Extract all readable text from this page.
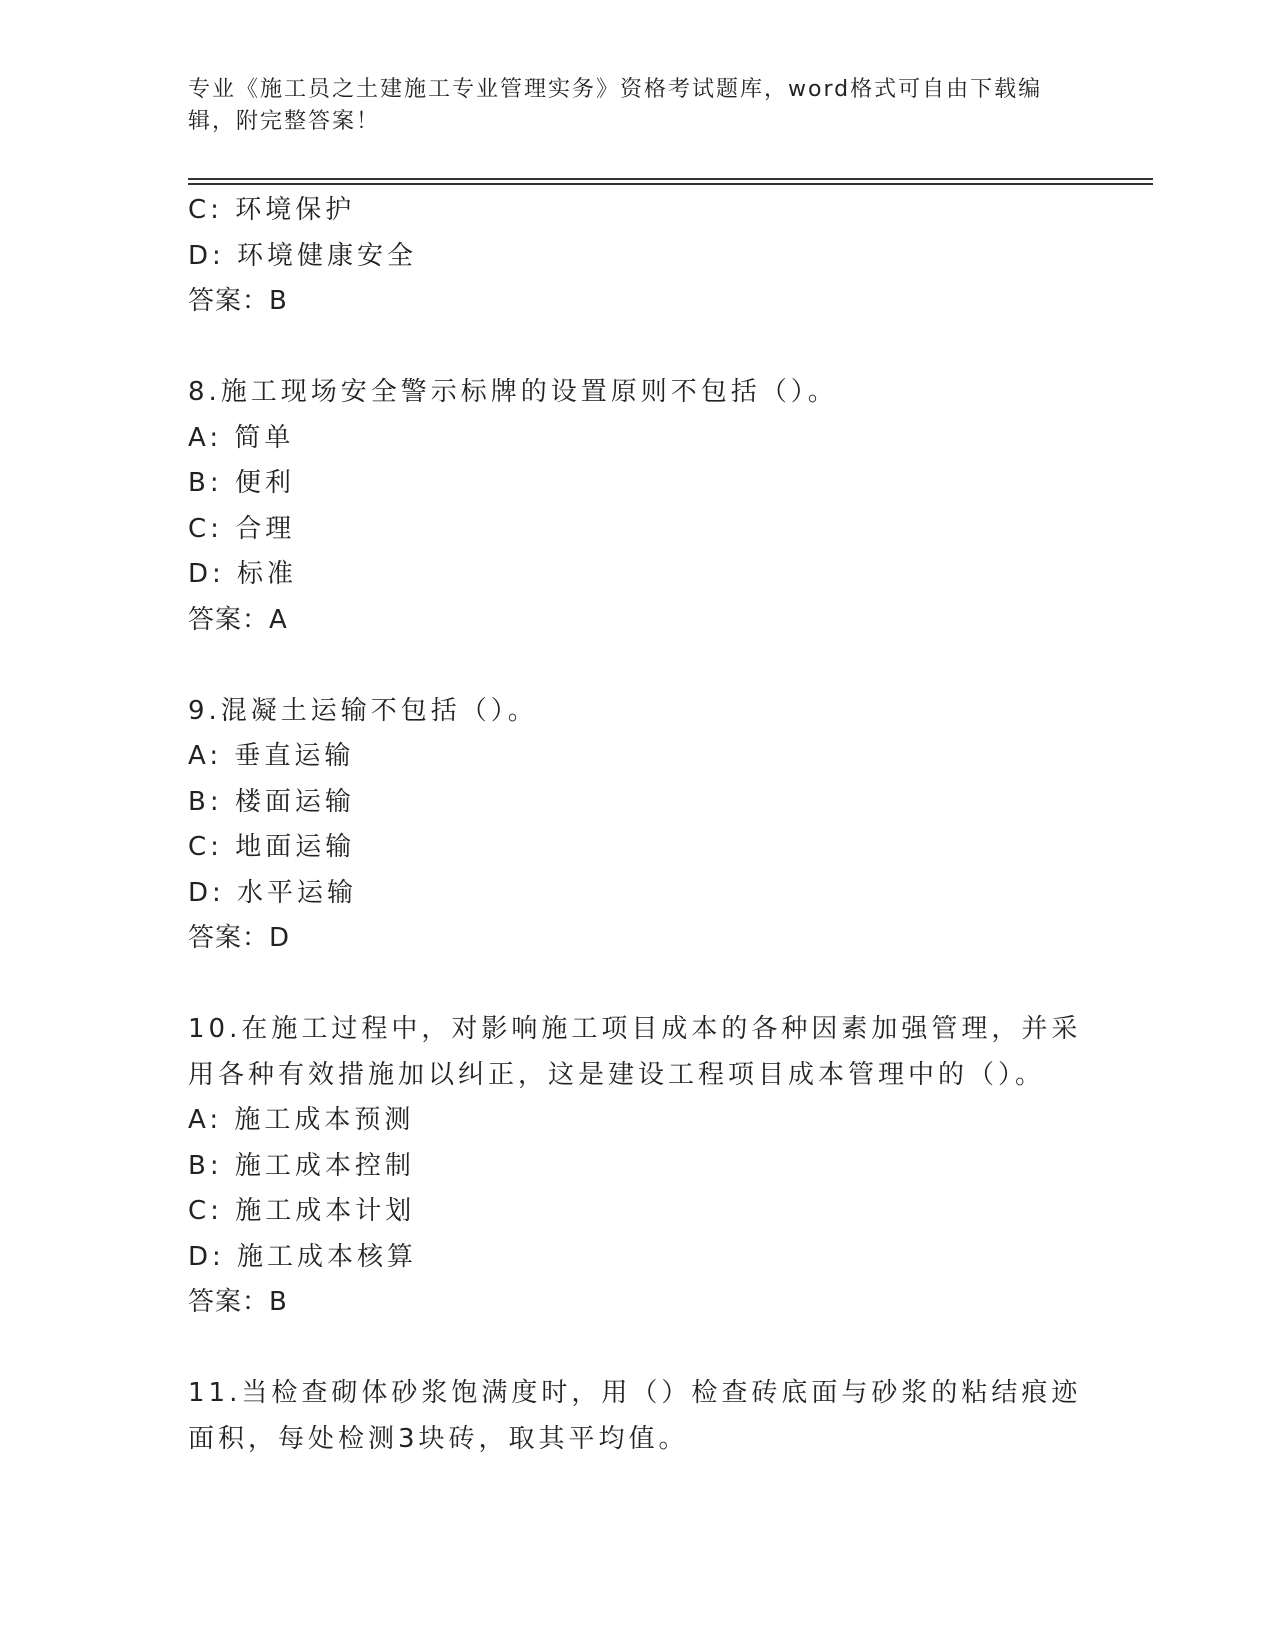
专业《施工员之土建施工专业管理实务》资格考试题库，word格式可自由下载编辑，附完整答案！
C: 环境保护
D: 环境健康安全
答案：B
8.施工现场安全警示标牌的设置原则不包括（）。
A: 简单
B: 便利
C: 合理
D: 标准
答案：A
9.混凝土运输不包括（）。
A: 垂直运输
B: 楼面运输
C: 地面运输
D: 水平运输
答案：D
10.在施工过程中，对影响施工项目成本的各种因素加强管理，并采用各种有效措施加以纠正，这是建设工程项目成本管理中的（）。
A: 施工成本预测
B: 施工成本控制
C: 施工成本计划
D: 施工成本核算
答案：B
11.当检查砌体砂浆饱满度时，用（）检查砖底面与砂浆的粘结痕迹面积，每处检测3块砖，取其平均值。
